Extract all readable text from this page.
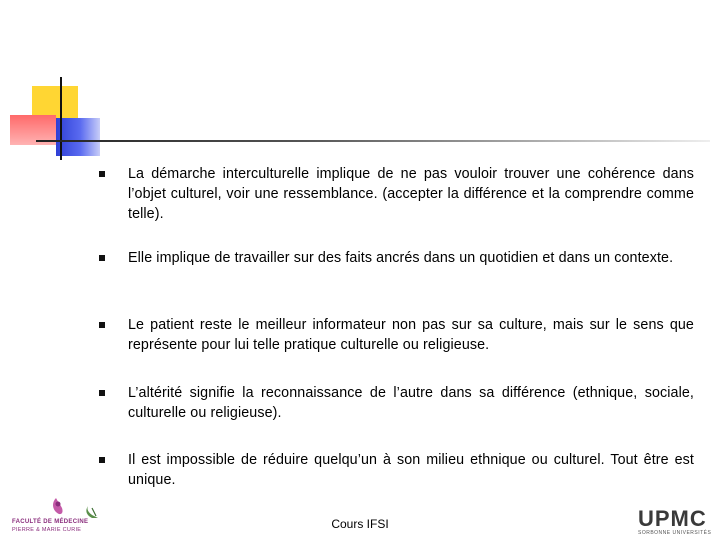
La démarche interculturelle implique de ne pas vouloir trouver une cohérence dans l’objet culturel, voir une ressemblance. (accepter la différence et la comprendre comme telle).

Elle implique de travailler sur des faits ancrés dans un quotidien et dans un contexte.

Le patient reste le meilleur informateur non pas sur sa culture, mais sur le sens que représente pour lui telle pratique culturelle ou religieuse.

L’altérité signifie la reconnaissance de l’autre dans sa différence (ethnique, sociale, culturelle ou religieuse).

Il est impossible de réduire quelqu’un à son milieu ethnique ou culturel. Tout être est unique.

FACULTÉ DE MÉDECINE
PIERRE & MARIE CURIE	Cours IFSI	UPMC
SORBONNE UNIVERSITÉS
